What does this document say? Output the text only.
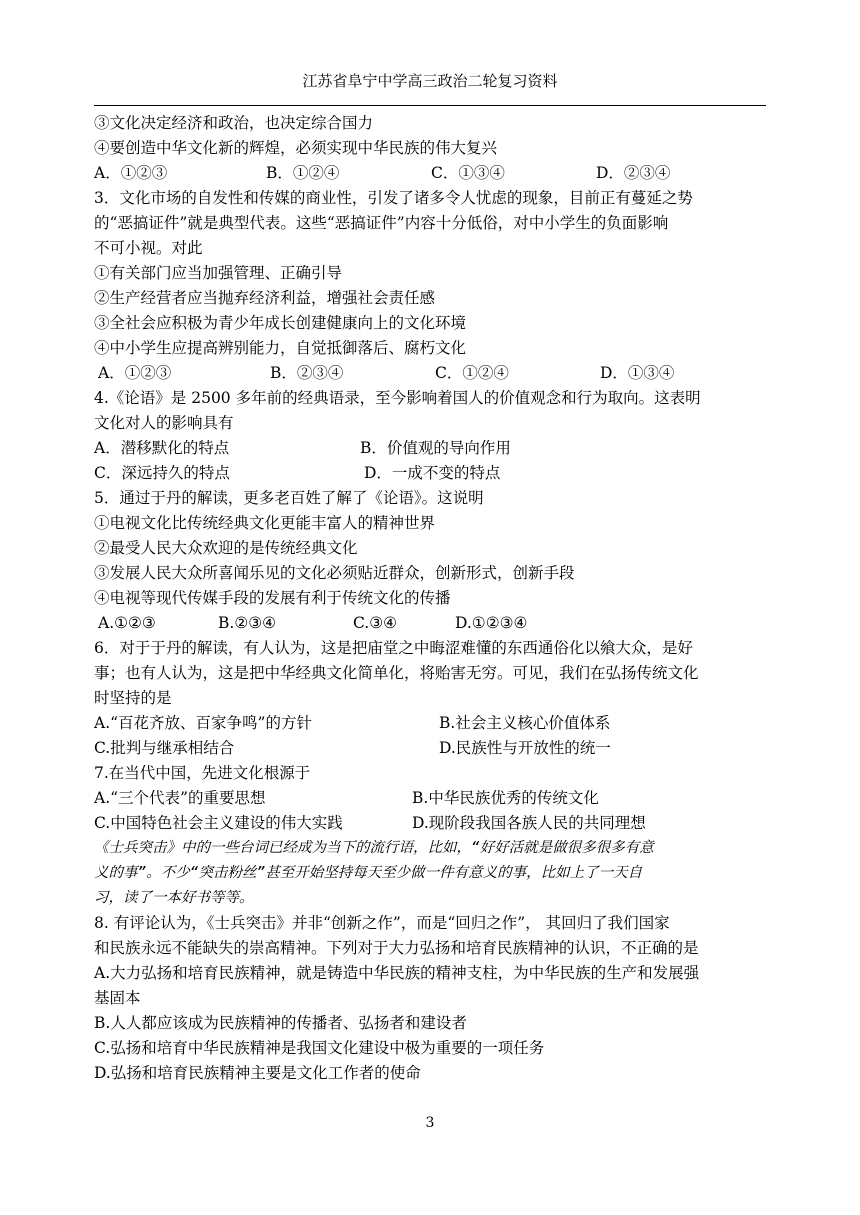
江苏省阜宁中学高三政治二轮复习资料
③文化决定经济和政治，也决定综合国力
④要创造中华文化新的辉煌，必须实现中华民族的伟大复兴
A．①②③	B．①②④	C．①③④	D．②③④
3．文化市场的自发性和传媒的商业性，引发了诸多令人忧虑的现象，目前正有蔓延之势
的“恶搞证件”就是典型代表。这些“恶搞证件”内容十分低俗，对中小学生的负面影响
不可小视。对此
①有关部门应当加强管理、正确引导
②生产经营者应当抛弃经济利益，增强社会责任感
③全社会应积极为青少年成长创建健康向上的文化环境
④中小学生应提高辨别能力，自觉抵御落后、腐朽文化
A．①②③	B．②③④	C．①②④	D．①③④
4.《论语》是 2500 多年前的经典语录，至今影响着国人的价值观念和行为取向。这表明
文化对人的影响具有
A．潜移默化的特点	B．价值观的导向作用
C．深远持久的特点	D．一成不变的特点
5．通过于丹的解读，更多老百姓了解了《论语》。这说明
①电视文化比传统经典文化更能丰富人的精神世界
②最受人民大众欢迎的是传统经典文化
③发展人民大众所喜闻乐见的文化必须贴近群众，创新形式，创新手段
④电视等现代传媒手段的发展有利于传统文化的传播
A.①②③	B.②③④	C.③④	D.①②③④
6．对于于丹的解读，有人认为，这是把庙堂之中晦涩难懂的东西通俗化以飨大众，是好
事；也有人认为，这是把中华经典文化简单化，将贻害无穷。可见，我们在弘扬传统文化
时坚持的是
A.“百花齐放、百家争鸣”的方针	B.社会主义核心价值体系
C.批判与继承相结合	D.民族性与开放性的统一
7.在当代中国，先进文化根源于
A.“三个代表”的重要思想	B.中华民族优秀的传统文化
C.中国特色社会主义建设的伟大实践	D.现阶段我国各族人民的共同理想
《士兵突击》中的一些台词已经成为当下的流行语，比如，“好好活就是做很多很多有意
义的事”。不少“突击粉丝”甚至开始坚持每天至少做一件有意义的事，比如上了一天自
习，读了一本好书等等。
8. 有评论认为，《士兵突击》并非“创新之作”，而是“回归之作”， 其回归了我们国家
和民族永远不能缺失的崇高精神。下列对于大力弘扬和培育民族精神的认识，不正确的是
A.大力弘扬和培育民族精神，就是铸造中华民族的精神支柱，为中华民族的生产和发展强
基固本
B.人人都应该成为民族精神的传播者、弘扬者和建设者
C.弘扬和培育中华民族精神是我国文化建设中极为重要的一项任务
D.弘扬和培育民族精神主要是文化工作者的使命
3
